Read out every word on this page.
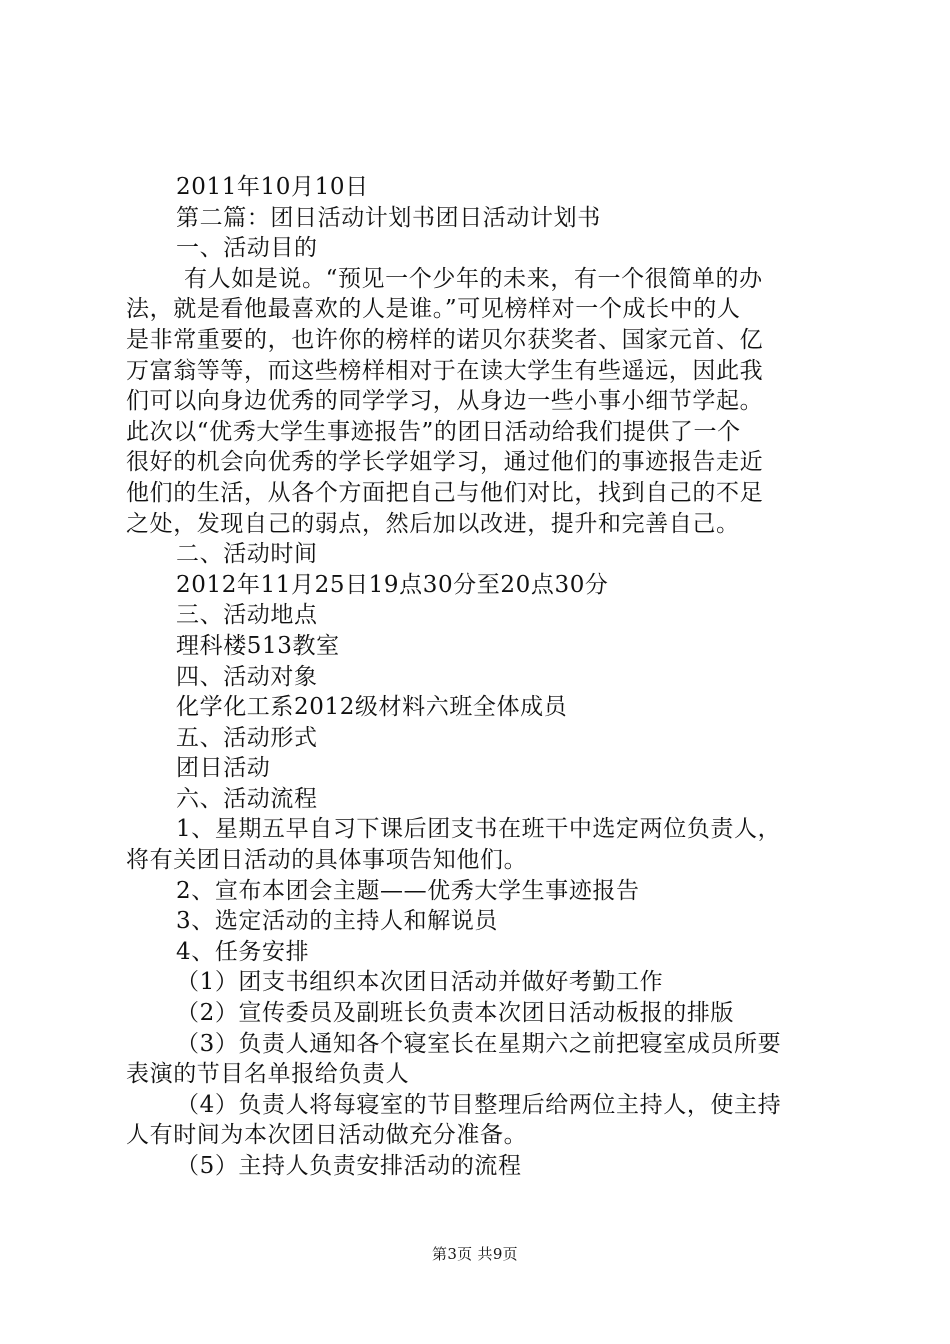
2011年10月10日
第二篇：团日活动计划书团日活动计划书
一、活动目的
有人如是说。“预见一个少年的未来，有一个很简单的办
法，就是看他最喜欢的人是谁。”可见榜样对一个成长中的人
是非常重要的，也许你的榜样的诺贝尔获奖者、国家元首、亿
万富翁等等，而这些榜样相对于在读大学生有些遥远，因此我
们可以向身边优秀的同学学习，从身边一些小事小细节学起。
此次以“优秀大学生事迹报告”的团日活动给我们提供了一个
很好的机会向优秀的学长学姐学习，通过他们的事迹报告走近
他们的生活，从各个方面把自己与他们对比，找到自己的不足
之处，发现自己的弱点，然后加以改进，提升和完善自己。
二、活动时间
2012年11月25日19点30分至20点30分
三、活动地点
理科楼513教室
四、活动对象
化学化工系2012级材料六班全体成员
五、活动形式
团日活动
六、活动流程
1、星期五早自习下课后团支书在班干中选定两位负责人，
将有关团日活动的具体事项告知他们。
2、宣布本团会主题——优秀大学生事迹报告
3、选定活动的主持人和解说员
4、任务安排
（1）团支书组织本次团日活动并做好考勤工作
（2）宣传委员及副班长负责本次团日活动板报的排版
（3）负责人通知各个寝室长在星期六之前把寝室成员所要
表演的节目名单报给负责人
（4）负责人将每寝室的节目整理后给两位主持人，使主持
人有时间为本次团日活动做充分准备。
（5）主持人负责安排活动的流程
第3页 共9页
